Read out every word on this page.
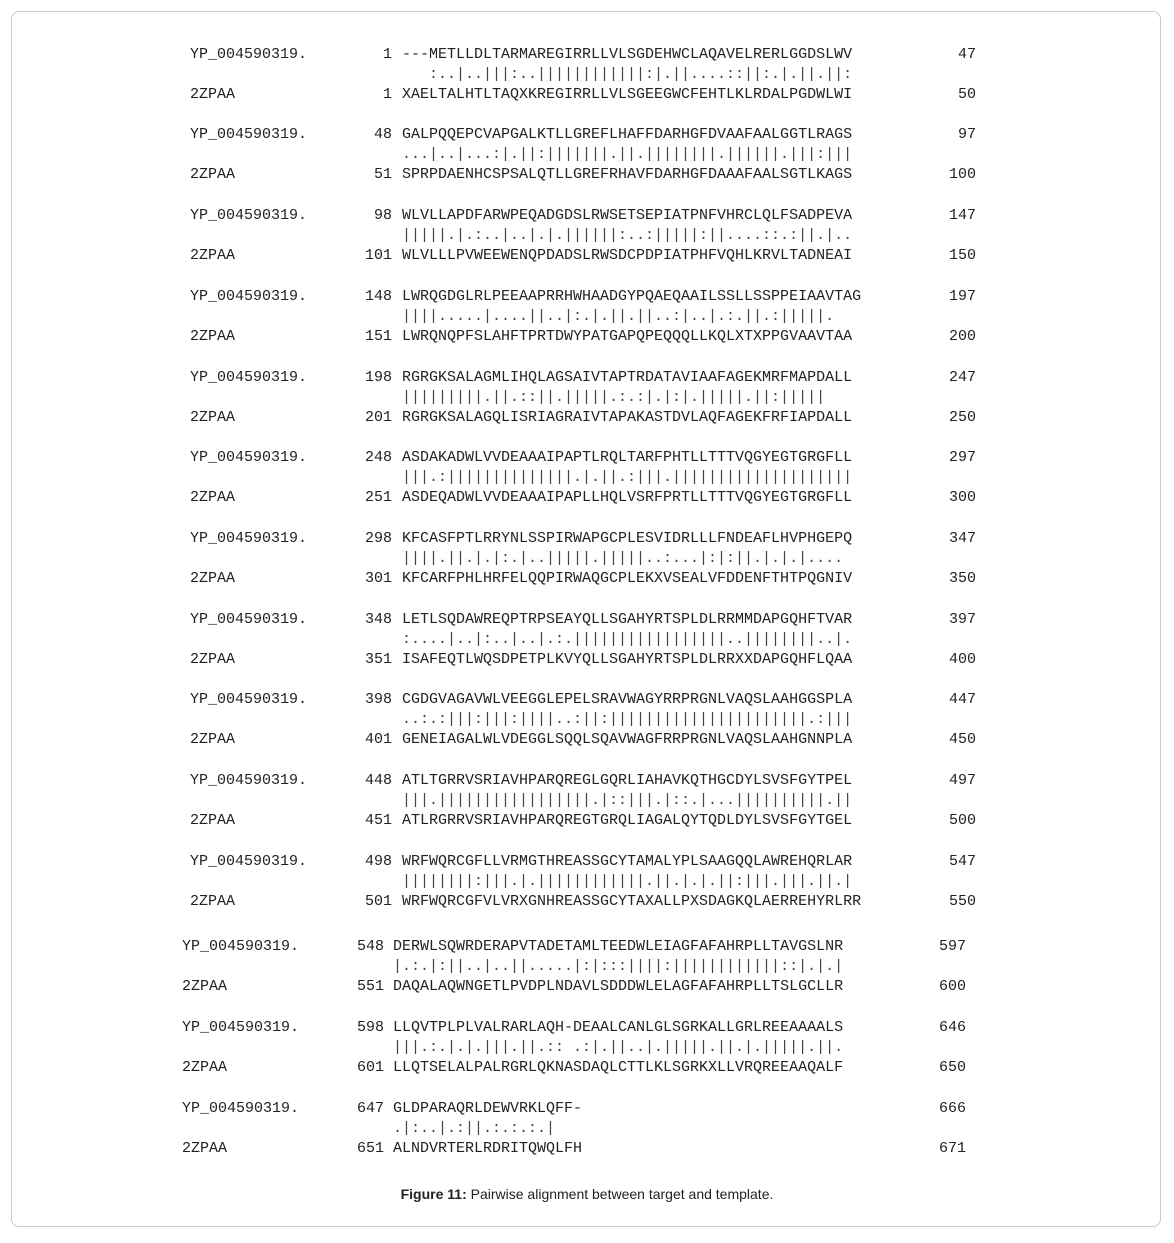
YP_004590319.	1 ---METLLDLTARMAREGIRRLLVLSGDEHWCLAQAVELRERLGGDSLWV	47
:..|..|||:..||||||||||||:|.||....::||:.|.||.||:
2ZPAA	1 XAELTALHTLTAQXKREGIRRLLVLSGEEGWCFEHTLKLRDALPGDWLWI	50
YP_004590319.	48 GALPQQEPCVAPGALKTLLGREFLHAFFDARHGFDVAAFAALGGTLRAGS	97
...|..|...:|.||:|||||||.||.||||||||.||||||.|||:|||
2ZPAA	51 SPRPDAENHCSPSALQTLLGREFRHAVFDARHGFDAAAFAALSGTLKAGS	100
YP_004590319.	98 WLVLLAPDFARWPEQADGDSLRWSETSEPIATPNFVHRCLQLFSADPEVA	147
|||||.|.:..|..|.|.||||||:..:|||||:||....::.:||.|..
2ZPAA	101 WLVLLLPVWEEWENQPDADSLRWSDCPDPIATPHFVQHLKRVLTADNEAI	150
YP_004590319.	148 LWRQGDGLRLPEEAAPRRHWHAADGYPQAEQAAILSSLLSSPPEIAAVTAG	197
||||.....|....||..|:.|.||.||..:|..|.:.||.:|||||.
2ZPAA	151 LWRQNQPFSLAHFTPRTDWYPATGAPQPEQQQLLKQLXTXPPGVAAVTAA	200
YP_004590319.	198 RGRGKSALAGMLIHQLAGSAIVTAPTRDATAVIAAFAGEKMRFMAPDALL	247
|||||||||.||.::||.|||||.:.:|.|:|.|||||.||:|||||
2ZPAA	201 RGRGKSALAGQLISRIAGRAIVTAPAKASTDVLAQFAGEKFRFIAPDALL	250
YP_004590319.	248 ASDAKADWLVVDEAAAIPAPTLRQLTARFPHTLLTTTVQGYEGTGRGFLL	297
|||.:||||||||||||||.|.||.:|||.||||||||||||||||||||
2ZPAA	251 ASDEQADWLVVDEAAAIPAPLLHQLVSRFPRTLLTTTVQGYEGTGRGFLL	300
YP_004590319.	298 KFCASFPTLRRYNLSSPIRWAPGCPLESVIDRLLLFNDEAFLHVPHGEPQ	347
||||.||.|.|:.|..|||||.|||||..:...|:|:||.|.|.|....
2ZPAA	301 KFCARFPHLHRFELQQPIRWAQGCPLEKXVSEALVFDDENFTHTPQGNIV	350
YP_004590319.	348 LETLSQDAWREQPTRPSEAYQLLSGAHYRTSPLDLRRMMDAPGQHFTVAR	397
:....|..|:..|..|.:.|||||||||||||||||..||||||||..|.
2ZPAA	351 ISAFEQTLWQSDPETPLKVYQLLSGAHYRTSPLDLRRXXDAPGQHFLQAA	400
YP_004590319.	398 CGDGVAGAVWLVEEGGLEPELSRAVWAGYRRPRGNLVAQSLAAHGGSPLA	447
..:.:|||:|||:||||..:||:||||||||||||||||||||||.:|||
2ZPAA	401 GENEIAGALWLVDEGGLSQQLSQAVWAGFRRPRGNLVAQSLAAHGNNPLA	450
YP_004590319.	448 ATLTGRRVSRIAVHPARQREGLGQRLIAHAVKQTHGCDYLSVSFGYTPEL	497
|||.|||||||||||||||||.|::|||.|::.|...||||||||||.||
2ZPAA	451 ATLRGRRVSRIAVHPARQREGTGRQLIAGALQYTQDLDYLSVSFGYTGEL	500
YP_004590319.	498 WRFWQRCGFLLVRMGTHREASSGCYTAMALYPLSAAGQQLAWREHQRLAR	547
||||||||:|||.|.||||||||||||.||.|.|.||:|||.|||.||.|
2ZPAA	501 WRFWQRCGFVLVRXGNHREASSGCYTAXALLPXSDAGKQLAERREHYRLRR	550
YP_004590319.	548 DERWLSQWRDERAPVTADETAMLTEEDWLEIAGFAFAHRPLLTAVGSLNR	597
|.:.|:||..|..||.....|:|:::||||:||||||||||||::|.|.|
2ZPAA	551 DAQALAQWNGETLPVDPLNDAVLSDDDWLELAGFAFAHRPLLTSLGCLLR	600
YP_004590319.	598 LLQVTPLPLVALRARLAQH-DEAALCANLGLSGRKALLGRLREEAAAALS	646
|||.:.|.|.|||.||.:: .:|.||..|.|||||.||.|.|||||.||.
2ZPAA	601 LLQTSELALPALRGRLQKNASDAQLCTTLKLSGRKXLLVRQREEAAQALF	650
YP_004590319.	647 GLDPARAQRLDEWVRKLQFF-	666
.|:..|.:||.:.:.:.|
2ZPAA	651 ALNDVRTERLRDRITQWQLFH	671
Figure 11: Pairwise alignment between target and template.
